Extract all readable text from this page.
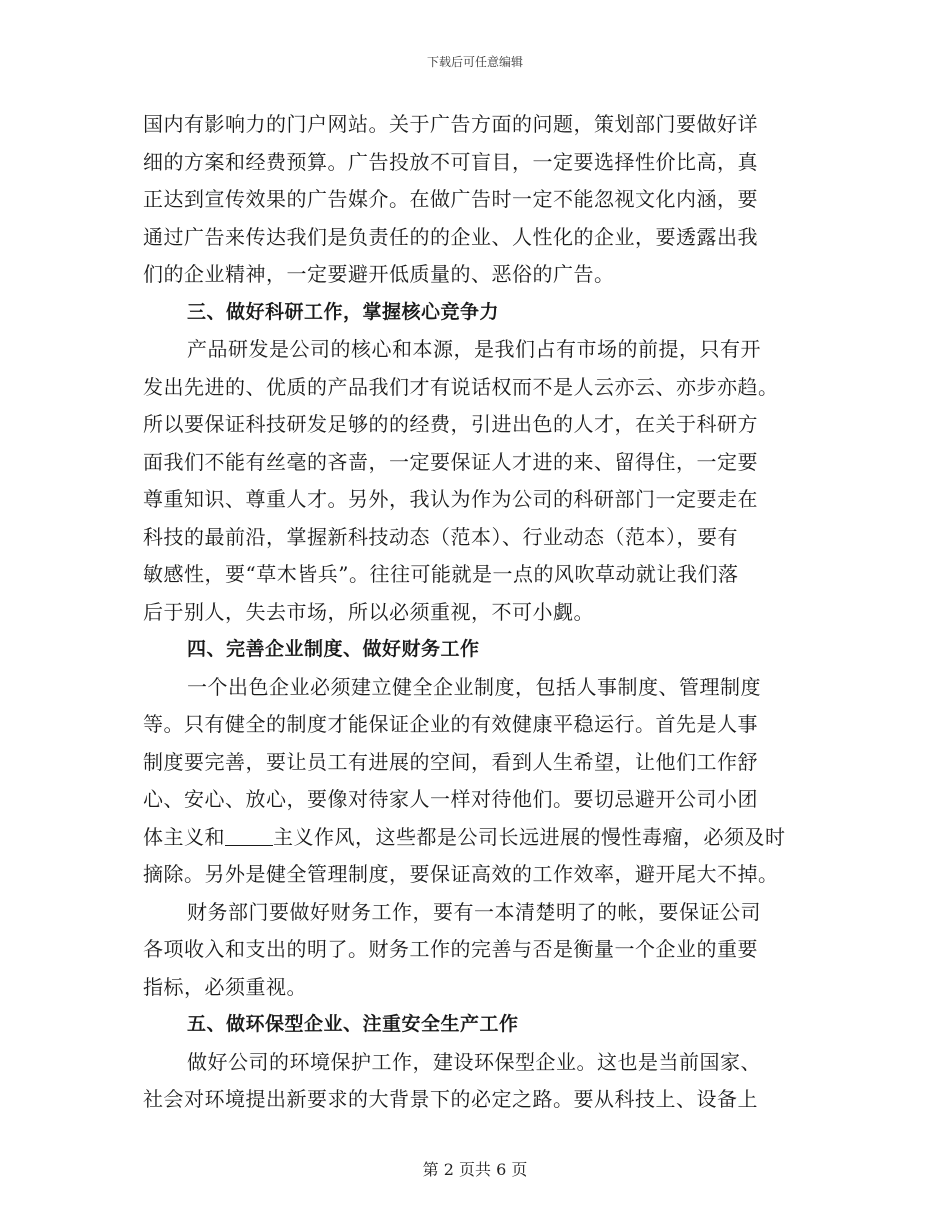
下载后可任意编辑
国内有影响力的门户网站。关于广告方面的问题，策划部门要做好详
细的方案和经费预算。广告投放不可盲目，一定要选择性价比高，真
正达到宣传效果的广告媒介。在做广告时一定不能忽视文化内涵，要
通过广告来传达我们是负责任的的企业、人性化的企业，要透露出我
们的企业精神，一定要避开低质量的、恶俗的广告。
三、做好科研工作，掌握核心竞争力
产品研发是公司的核心和本源，是我们占有市场的前提，只有开
发出先进的、优质的产品我们才有说话权而不是人云亦云、亦步亦趋。
所以要保证科技研发足够的的经费，引进出色的人才，在关于科研方
面我们不能有丝毫的吝啬，一定要保证人才进的来、留得住，一定要
尊重知识、尊重人才。另外，我认为作为公司的科研部门一定要走在
科技的最前沿，掌握新科技动态（范本）、行业动态（范本），要有
敏感性，要“草木皆兵”。往往可能就是一点的风吹草动就让我们落
后于别人，失去市场，所以必须重视，不可小觑。
四、完善企业制度、做好财务工作
一个出色企业必须建立健全企业制度，包括人事制度、管理制度
等。只有健全的制度才能保证企业的有效健康平稳运行。首先是人事
制度要完善，要让员工有进展的空间，看到人生希望，让他们工作舒
心、安心、放心，要像对待家人一样对待他们。要切忌避开公司小团
体主义和 主义作风，这些都是公司长远进展的慢性毒瘤，必须及时
摘除。另外是健全管理制度，要保证高效的工作效率，避开尾大不掉。
财务部门要做好财务工作，要有一本清楚明了的帐，要保证公司
各项收入和支出的明了。财务工作的完善与否是衡量一个企业的重要
指标，必须重视。
五、做环保型企业、注重安全生产工作
做好公司的环境保护工作，建设环保型企业。这也是当前国家、
社会对环境提出新要求的大背景下的必定之路。要从科技上、设备上
第 2 页共 6 页
